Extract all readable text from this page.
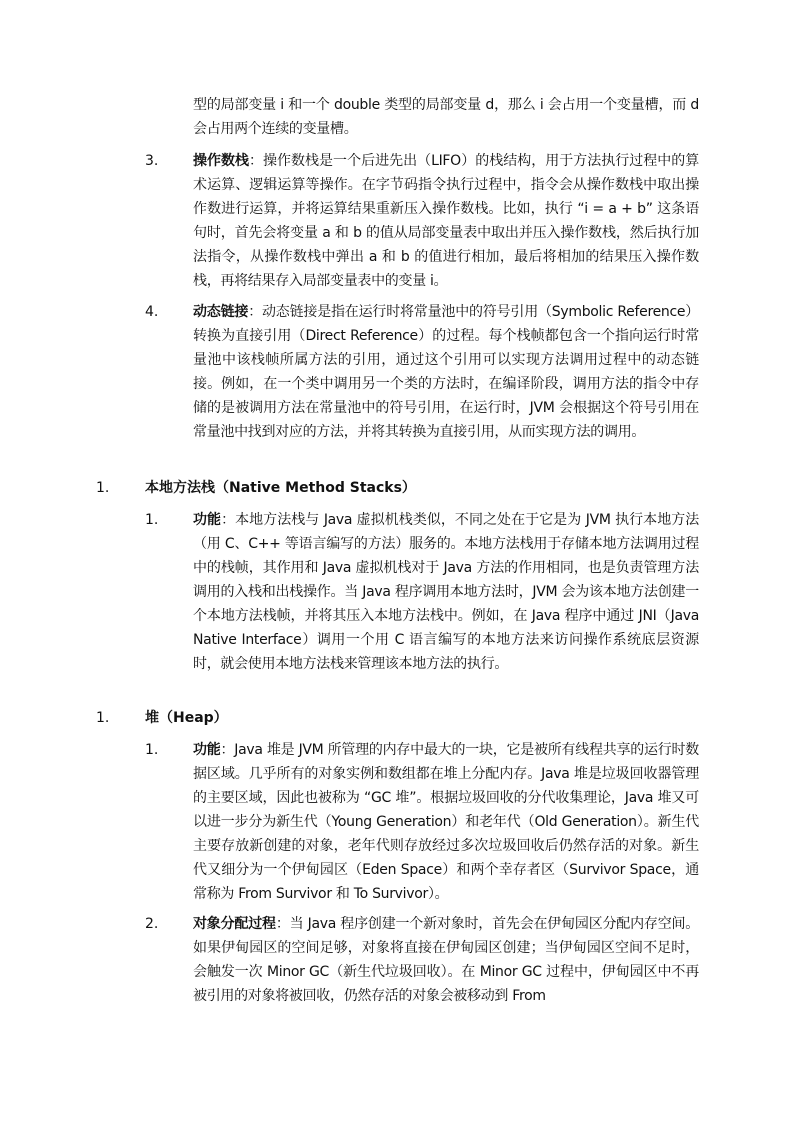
型的局部变量 i 和一个 double 类型的局部变量 d，那么 i 会占用一个变量槽，而 d 会占用两个连续的变量槽。
3. 操作数栈：操作数栈是一个后进先出（LIFO）的栈结构，用于方法执行过程中的算术运算、逻辑运算等操作。在字节码指令执行过程中，指令会从操作数栈中取出操作数进行运算，并将运算结果重新压入操作数栈。比如，执行 “i = a + b” 这条语句时，首先会将变量 a 和 b 的值从局部变量表中取出并压入操作数栈，然后执行加法指令，从操作数栈中弹出 a 和 b 的值进行相加，最后将相加的结果压入操作数栈，再将结果存入局部变量表中的变量 i。
4. 动态链接：动态链接是指在运行时将常量池中的符号引用（Symbolic Reference）转换为直接引用（Direct Reference）的过程。每个栈帧都包含一个指向运行时常量池中该栈帧所属方法的引用，通过这个引用可以实现方法调用过程中的动态链接。例如，在一个类中调用另一个类的方法时，在编译阶段，调用方法的指令中存储的是被调用方法在常量池中的符号引用，在运行时，JVM 会根据这个符号引用在常量池中找到对应的方法，并将其转换为直接引用，从而实现方法的调用。
1.	本地方法栈（Native Method Stacks）
1. 功能：本地方法栈与 Java 虚拟机栈类似，不同之处在于它是为 JVM 执行本地方法（用 C、C++ 等语言编写的方法）服务的。本地方法栈用于存储本地方法调用过程中的栈帧，其作用和 Java 虚拟机栈对于 Java 方法的作用相同，也是负责管理方法调用的入栈和出栈操作。当 Java 程序调用本地方法时，JVM 会为该本地方法创建一个本地方法栈帧，并将其压入本地方法栈中。例如，在 Java 程序中通过 JNI（Java Native Interface）调用一个用 C 语言编写的本地方法来访问操作系统底层资源时，就会使用本地方法栈来管理该本地方法的执行。
1.	堆（Heap）
1. 功能：Java 堆是 JVM 所管理的内存中最大的一块，它是被所有线程共享的运行时数据区域。几乎所有的对象实例和数组都在堆上分配内存。Java 堆是垃圾回收器管理的主要区域，因此也被称为 “GC 堆”。根据垃圾回收的分代收集理论，Java 堆又可以进一步分为新生代（Young Generation）和老年代（Old Generation）。新生代主要存放新创建的对象，老年代则存放经过多次垃圾回收后仍然存活的对象。新生代又细分为一个伊甸园区（Eden Space）和两个幸存者区（Survivor Space，通常称为 From Survivor 和 To Survivor）。
2. 对象分配过程：当 Java 程序创建一个新对象时，首先会在伊甸园区分配内存空间。如果伊甸园区的空间足够，对象将直接在伊甸园区创建；当伊甸园区空间不足时，会触发一次 Minor GC（新生代垃圾回收）。在 Minor GC 过程中，伊甸园区中不再被引用的对象将被回收，仍然存活的对象会被移动到 From
